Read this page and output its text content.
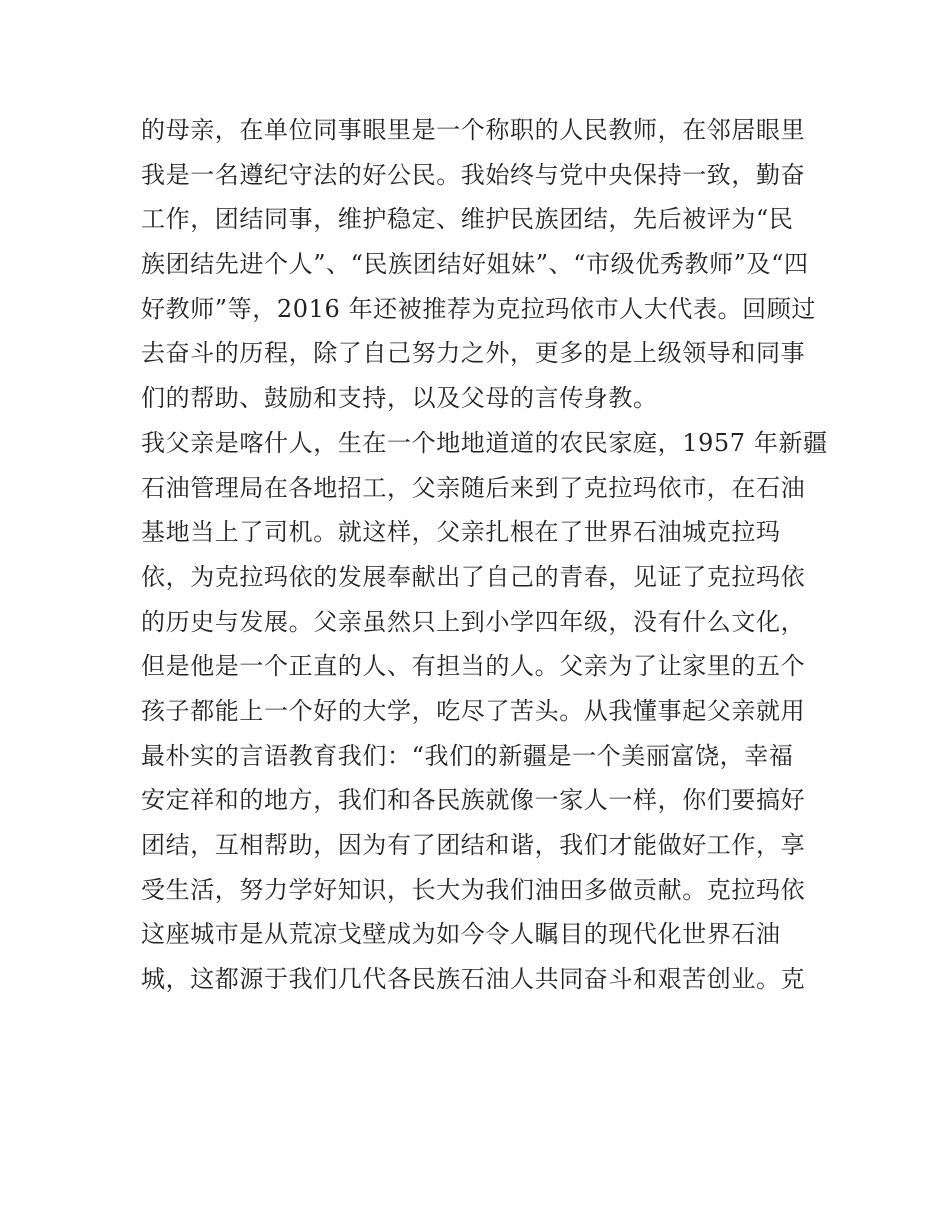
的母亲，在单位同事眼里是一个称职的人民教师，在邻居眼里
我是一名遵纪守法的好公民。我始终与党中央保持一致，勤奋
工作，团结同事，维护稳定、维护民族团结，先后被评为“民
族团结先进个人”、“民族团结好姐妹”、“市级优秀教师”及“四
好教师”等，2016 年还被推荐为克拉玛依市人大代表。回顾过
去奋斗的历程，除了自己努力之外，更多的是上级领导和同事
们的帮助、鼓励和支持，以及父母的言传身教。
我父亲是喀什人，生在一个地地道道的农民家庭，1957 年新疆
石油管理局在各地招工，父亲随后来到了克拉玛依市，在石油
基地当上了司机。就这样，父亲扎根在了世界石油城克拉玛
依，为克拉玛依的发展奉献出了自己的青春，见证了克拉玛依
的历史与发展。父亲虽然只上到小学四年级，没有什么文化，
但是他是一个正直的人、有担当的人。父亲为了让家里的五个
孩子都能上一个好的大学，吃尽了苦头。从我懂事起父亲就用
最朴实的言语教育我们：“我们的新疆是一个美丽富饶，幸福
安定祥和的地方，我们和各民族就像一家人一样，你们要搞好
团结，互相帮助，因为有了团结和谐，我们才能做好工作，享
受生活，努力学好知识，长大为我们油田多做贡献。克拉玛依
这座城市是从荒凉戈壁成为如今令人瞩目的现代化世界石油
城，这都源于我们几代各民族石油人共同奋斗和艰苦创业。克
